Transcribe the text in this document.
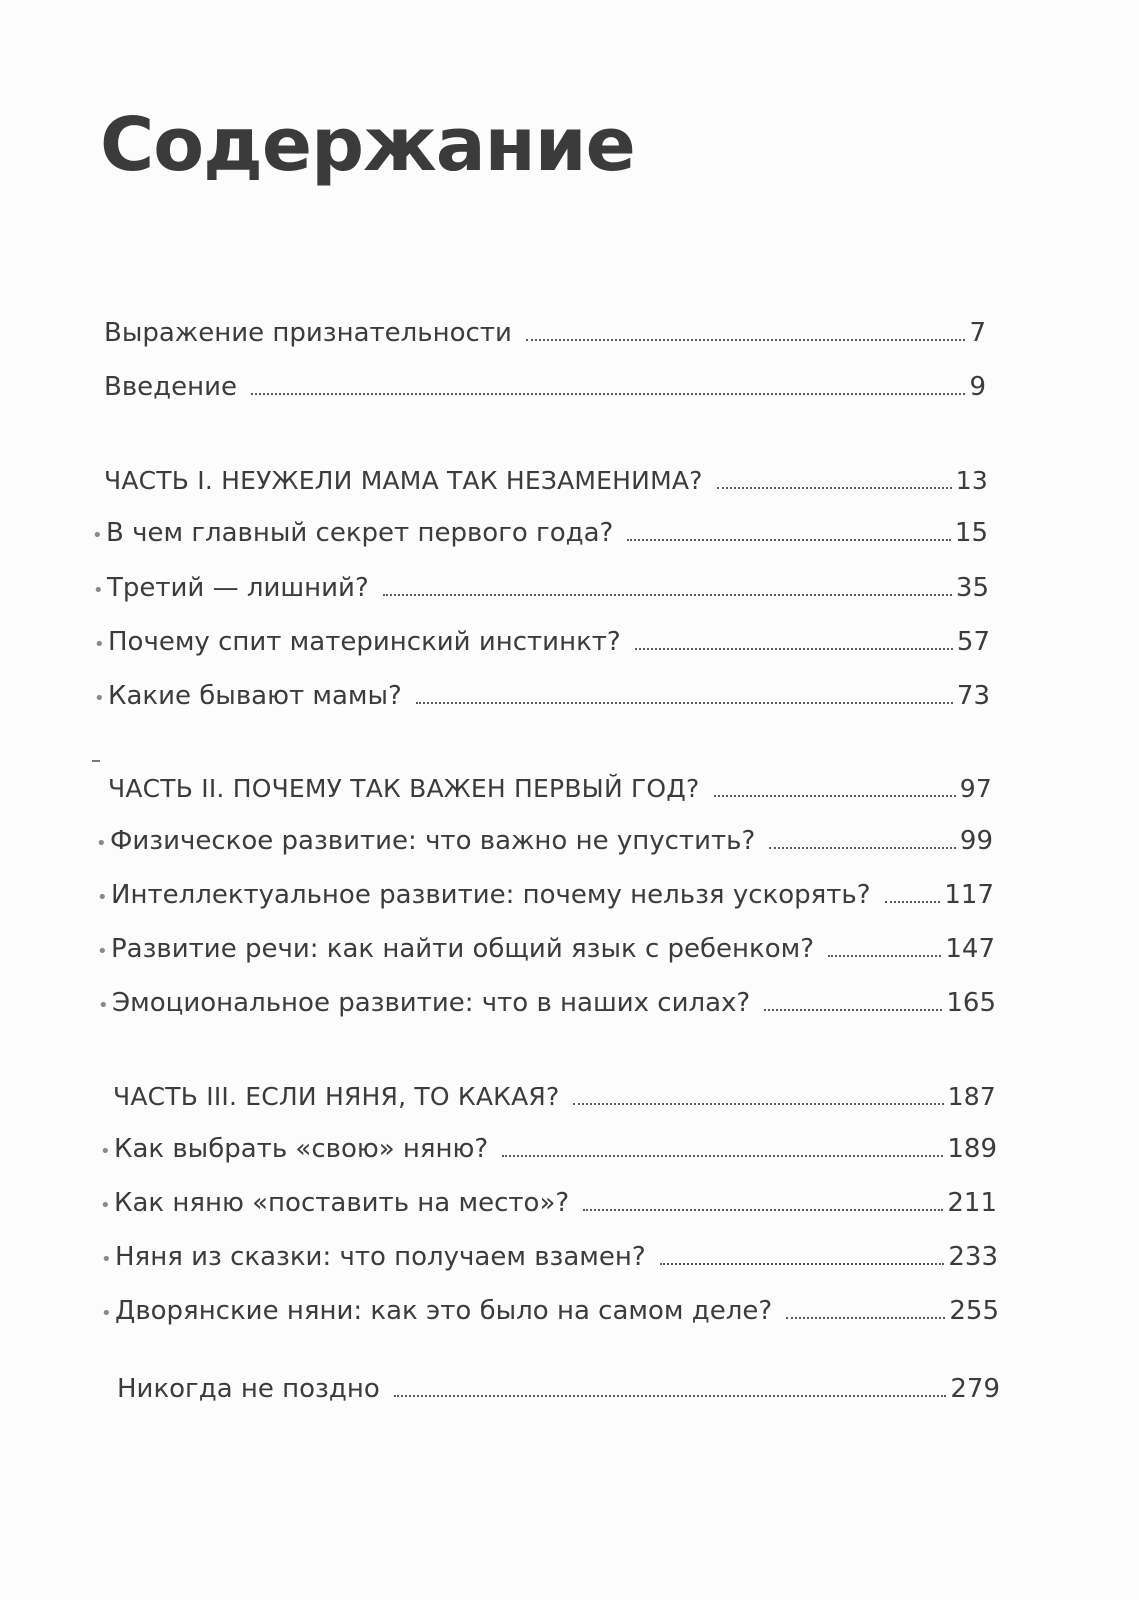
Содержание
Выражение признательности	7
Введение	9
ЧАСТЬ I. НЕУЖЕЛИ МАМА ТАК НЕЗАМЕНИМА?	13
• В чем главный секрет первого года?	15
• Третий — лишний?	35
• Почему спит материнский инстинкт?	57
• Какие бывают мамы?	73
ЧАСТЬ II. ПОЧЕМУ ТАК ВАЖЕН ПЕРВЫЙ ГОД?	97
• Физическое развитие: что важно не упустить?	99
• Интеллектуальное развитие: почему нельзя ускорять?	117
• Развитие речи: как найти общий язык с ребенком?	147
• Эмоциональное развитие: что в наших силах?	165
ЧАСТЬ III. ЕСЛИ НЯНЯ, ТО КАКАЯ?	187
• Как выбрать «свою» няню?	189
• Как няню «поставить на место»?	211
• Няня из сказки: что получаем взамен?	233
• Дворянские няни: как это было на самом деле?	255
Никогда не поздно	279
